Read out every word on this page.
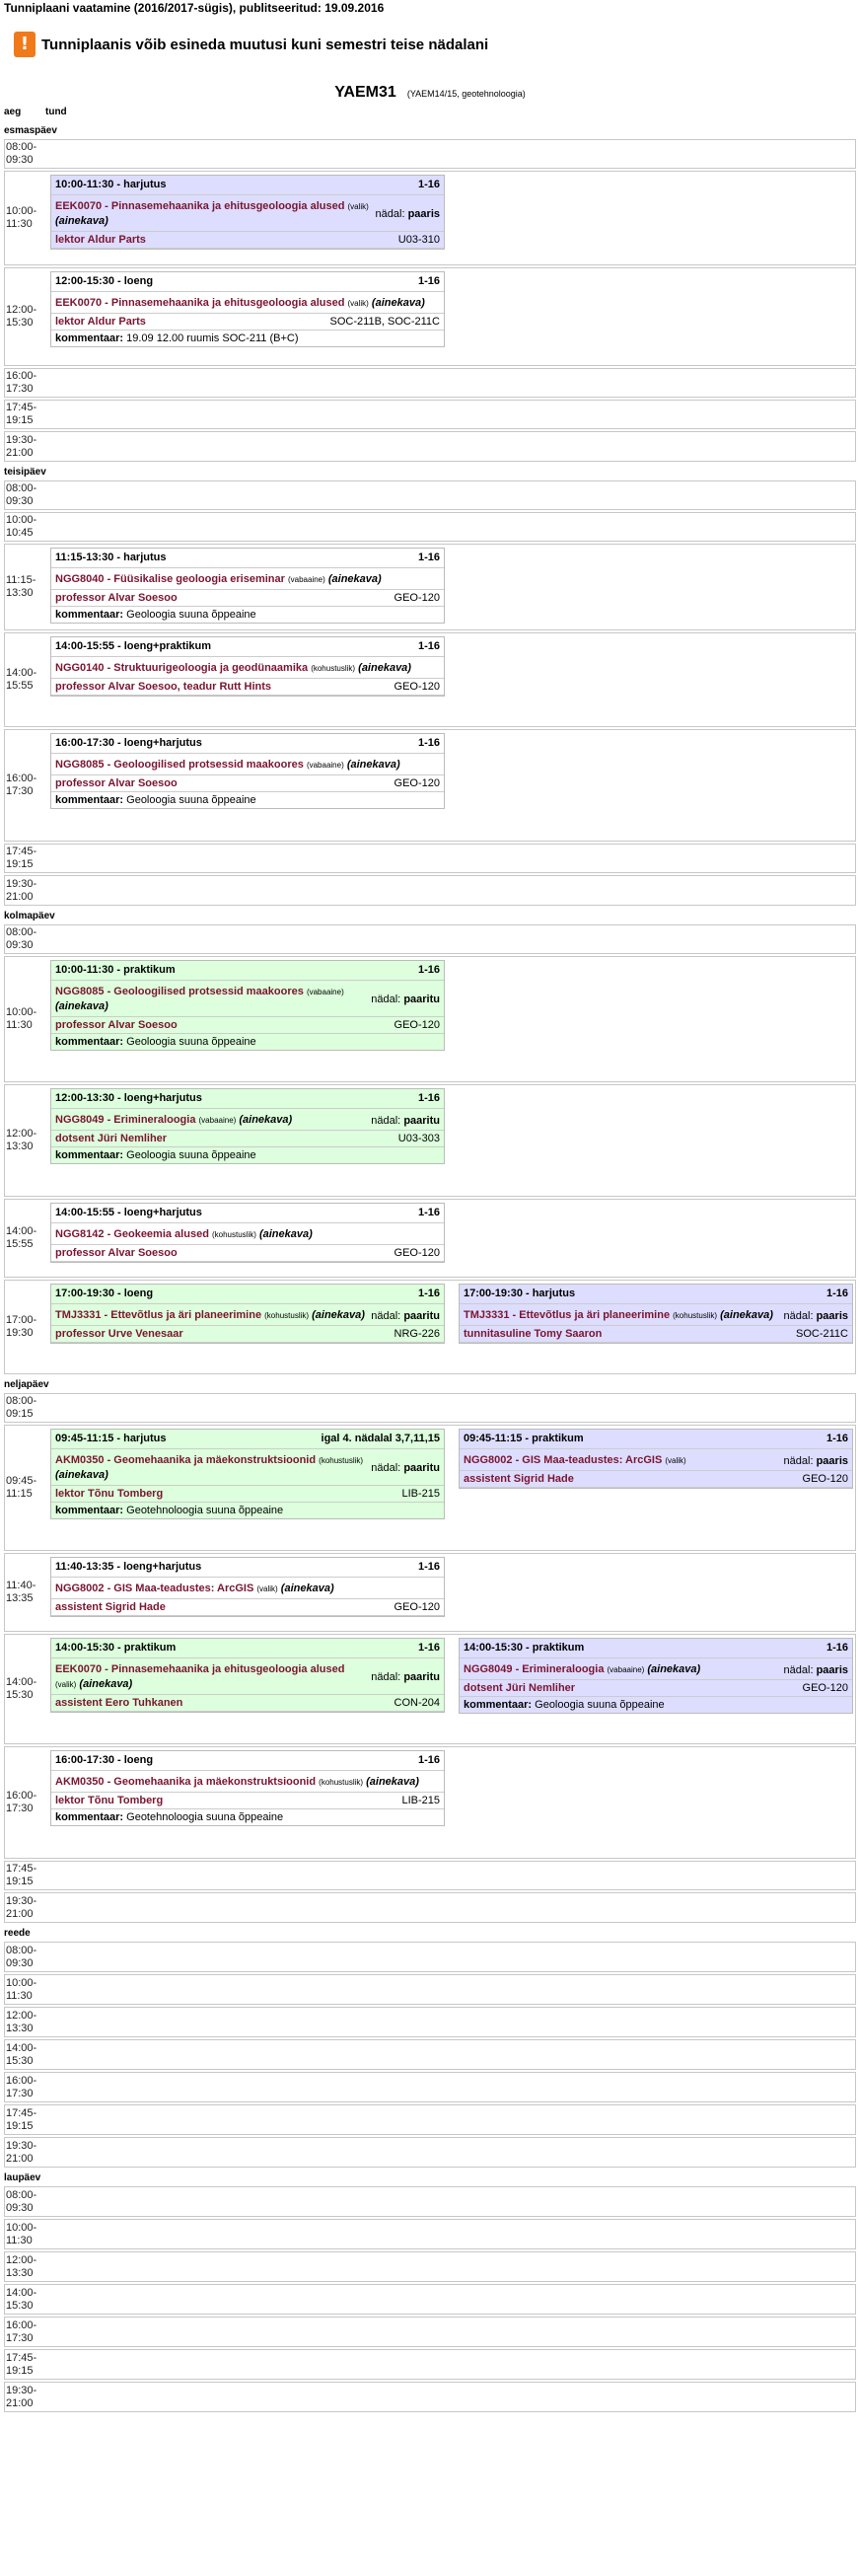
Tunniplaani vaatamine (2016/2017-sügis), publitseeritud: 19.09.2016
! Tunniplaanis võib esineda muutusi kuni semestri teise nädalani
YAEM31 (YAEM14/15, geotehnoloogia)
aeg	tund
esmaspäev
08:00-09:30
10:00-11:30
10:00-11:30 - harjutus	1-16
EEK0070 - Pinnasemehaanika ja ehitusgeoloogia alused (valik) (ainekava)
nädal: paaris
lektor Aldur Parts	U03-310
12:00-15:30
12:00-15:30 - loeng	1-16
EEK0070 - Pinnasemehaanika ja ehitusgeoloogia alused (valik) (ainekava)
lektor Aldur Parts	SOC-211B, SOC-211C
kommentaar: 19.09 12.00 ruumis SOC-211 (B+C)
16:00-17:30
17:45-19:15
19:30-21:00
teisipäev
08:00-09:30
10:00-10:45
11:15-13:30
11:15-13:30 - harjutus	1-16
NGG8040 - Füüsikalise geoloogia eriseminar (vabaaine) (ainekava)
professor Alvar Soesoo	GEO-120
kommentaar: Geoloogia suuna õppeaine
14:00-15:55
14:00-15:55 - loeng+praktikum	1-16
NGG0140 - Struktuurigeoloogia ja geodünaamika (kohustuslik) (ainekava)
professor Alvar Soesoo, teadur Rutt Hints	GEO-120
16:00-17:30
16:00-17:30 - loeng+harjutus	1-16
NGG8085 - Geoloogilised protsessid maakoores (vabaaine) (ainekava)
professor Alvar Soesoo	GEO-120
kommentaar: Geoloogia suuna õppeaine
17:45-19:15
19:30-21:00
kolmapäev
08:00-09:30
10:00-11:30
10:00-11:30 - praktikum	1-16
NGG8085 - Geoloogilised protsessid maakoores (vabaaine) (ainekava)
nädal: paaritu
professor Alvar Soesoo	GEO-120
kommentaar: Geoloogia suuna õppeaine
12:00-13:30
12:00-13:30 - loeng+harjutus	1-16
NGG8049 - Erimineraloogia (vabaaine) (ainekava)	nädal: paaritu
dotsent Jüri Nemliher	U03-303
kommentaar: Geoloogia suuna õppeaine
14:00-15:55
14:00-15:55 - loeng+harjutus	1-16
NGG8142 - Geokeemia alused (kohustuslik) (ainekava)
professor Alvar Soesoo	GEO-120
17:00-19:30
17:00-19:30 - loeng	1-16
TMJ3331 - Ettevõtlus ja äri planeerimine (kohustuslik) (ainekava) nädal: paaritu
professor Urve Venesaar	NRG-226
17:00-19:30 - harjutus	1-16
TMJ3331 - Ettevõtlus ja äri planeerimine (kohustuslik) (ainekava) nädal: paaris
tunnitasuline Tomy Saaron	SOC-211C
neljapäev
08:00-09:15
09:45-11:15
09:45-11:15 - harjutus	igal 4. nädalal 3,7,11,15
AKM0350 - Geomehaanika ja mäekonstruktsioonid (kohustuslik) (ainekava)
nädal: paaritu
lektor Tõnu Tomberg	LIB-215
kommentaar: Geotehnoloogia suuna õppeaine
09:45-11:15 - praktikum	1-16
NGG8002 - GIS Maa-teadustes: ArcGIS (valik)	nädal: paaris
assistent Sigrid Hade	GEO-120
11:40-13:35
11:40-13:35 - loeng+harjutus	1-16
NGG8002 - GIS Maa-teadustes: ArcGIS (valik) (ainekava)
assistent Sigrid Hade	GEO-120
14:00-15:30
14:00-15:30 - praktikum	1-16
EEK0070 - Pinnasemehaanika ja ehitusgeoloogia alused (valik) (ainekava)
nädal: paaritu
assistent Eero Tuhkanen	CON-204
14:00-15:30 - praktikum	1-16
NGG8049 - Erimineraloogia (vabaaine) (ainekava)	nädal: paaris
dotsent Jüri Nemliher	GEO-120
kommentaar: Geoloogia suuna õppeaine
16:00-17:30
16:00-17:30 - loeng	1-16
AKM0350 - Geomehaanika ja mäekonstruktsioonid (kohustuslik) (ainekava)
lektor Tõnu Tomberg	LIB-215
kommentaar: Geotehnoloogia suuna õppeaine
17:45-19:15
19:30-21:00
reede
08:00-09:30
10:00-11:30
12:00-13:30
14:00-15:30
16:00-17:30
17:45-19:15
19:30-21:00
laupäev
08:00-09:30
10:00-11:30
12:00-13:30
14:00-15:30
16:00-17:30
17:45-19:15
19:30-21:00
